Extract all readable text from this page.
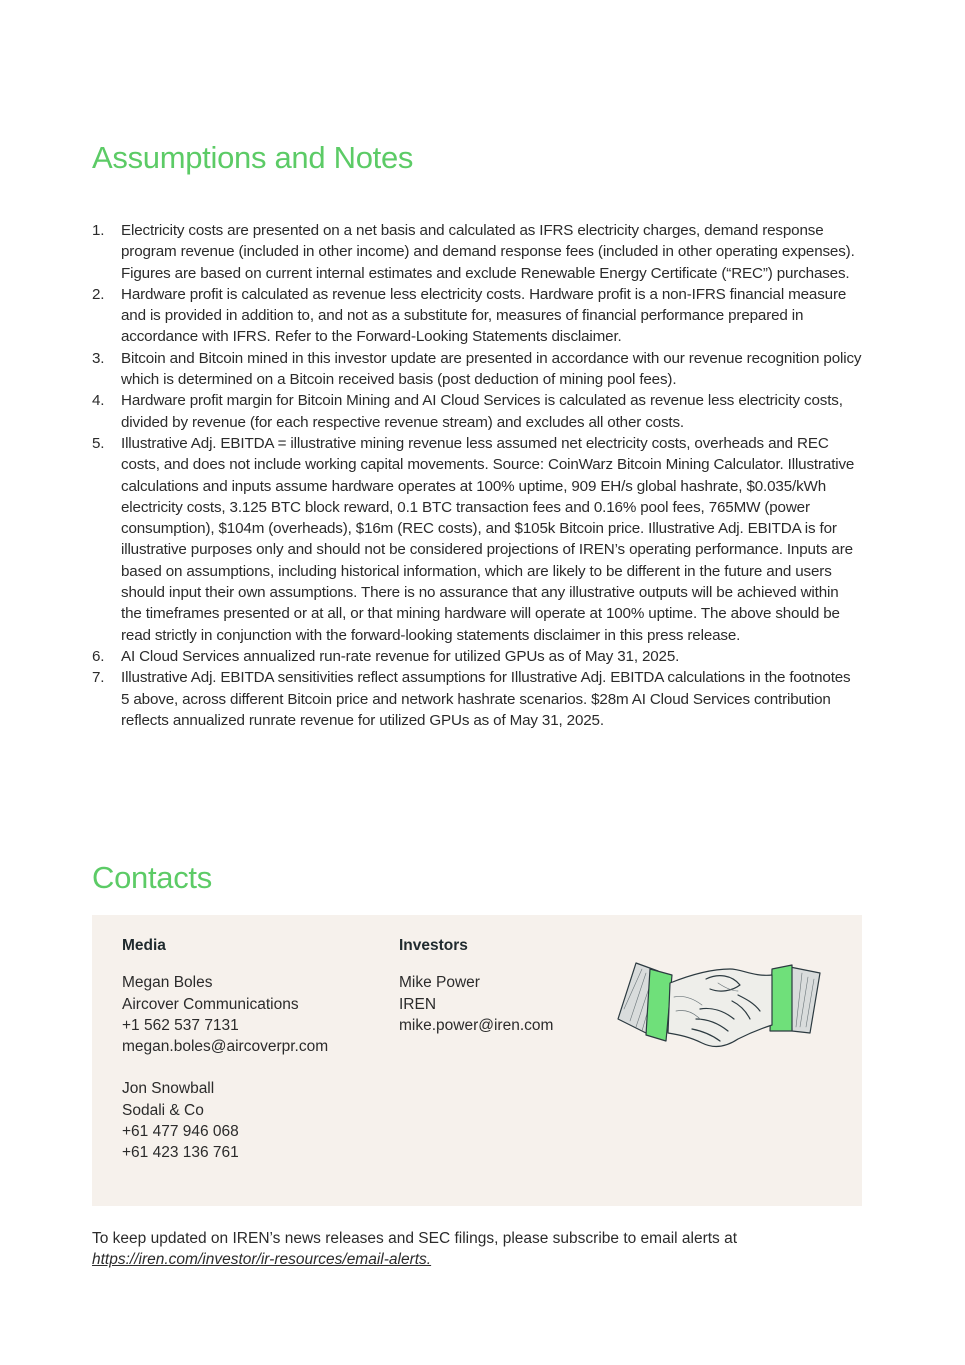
Assumptions and Notes
1. Electricity costs are presented on a net basis and calculated as IFRS electricity charges, demand response program revenue (included in other income) and demand response fees (included in other operating expenses). Figures are based on current internal estimates and exclude Renewable Energy Certificate (“REC”) purchases.
2. Hardware profit is calculated as revenue less electricity costs. Hardware profit is a non-IFRS financial measure and is provided in addition to, and not as a substitute for, measures of financial performance prepared in accordance with IFRS. Refer to the Forward-Looking Statements disclaimer.
3. Bitcoin and Bitcoin mined in this investor update are presented in accordance with our revenue recognition policy which is determined on a Bitcoin received basis (post deduction of mining pool fees).
4. Hardware profit margin for Bitcoin Mining and AI Cloud Services is calculated as revenue less electricity costs, divided by revenue (for each respective revenue stream) and excludes all other costs.
5. Illustrative Adj. EBITDA = illustrative mining revenue less assumed net electricity costs, overheads and REC costs, and does not include working capital movements. Source: CoinWarz Bitcoin Mining Calculator. Illustrative calculations and inputs assume hardware operates at 100% uptime, 909 EH/s global hashrate, $0.035/kWh electricity costs, 3.125 BTC block reward, 0.1 BTC transaction fees and 0.16% pool fees, 765MW (power consumption), $104m (overheads), $16m (REC costs), and $105k Bitcoin price. Illustrative Adj. EBITDA is for illustrative purposes only and should not be considered projections of IREN’s operating performance. Inputs are based on assumptions, including historical information, which are likely to be different in the future and users should input their own assumptions. There is no assurance that any illustrative outputs will be achieved within the timeframes presented or at all, or that mining hardware will operate at 100% uptime. The above should be read strictly in conjunction with the forward-looking statements disclaimer in this press release.
6. AI Cloud Services annualized run-rate revenue for utilized GPUs as of May 31, 2025.
7. Illustrative Adj. EBITDA sensitivities reflect assumptions for Illustrative Adj. EBITDA calculations in the footnotes 5 above, across different Bitcoin price and network hashrate scenarios. $28m AI Cloud Services contribution reflects annualized runrate revenue for utilized GPUs as of May 31, 2025.
Contacts
Media
Megan Boles
Aircover Communications
+1 562 537 7131
megan.boles@aircoverpr.com
Jon Snowball
Sodali & Co
+61 477 946 068
+61 423 136 761
Investors
Mike Power
IREN
mike.power@iren.com
To keep updated on IREN’s news releases and SEC filings, please subscribe to email alerts at
https://iren.com/investor/ir-resources/email-alerts.
